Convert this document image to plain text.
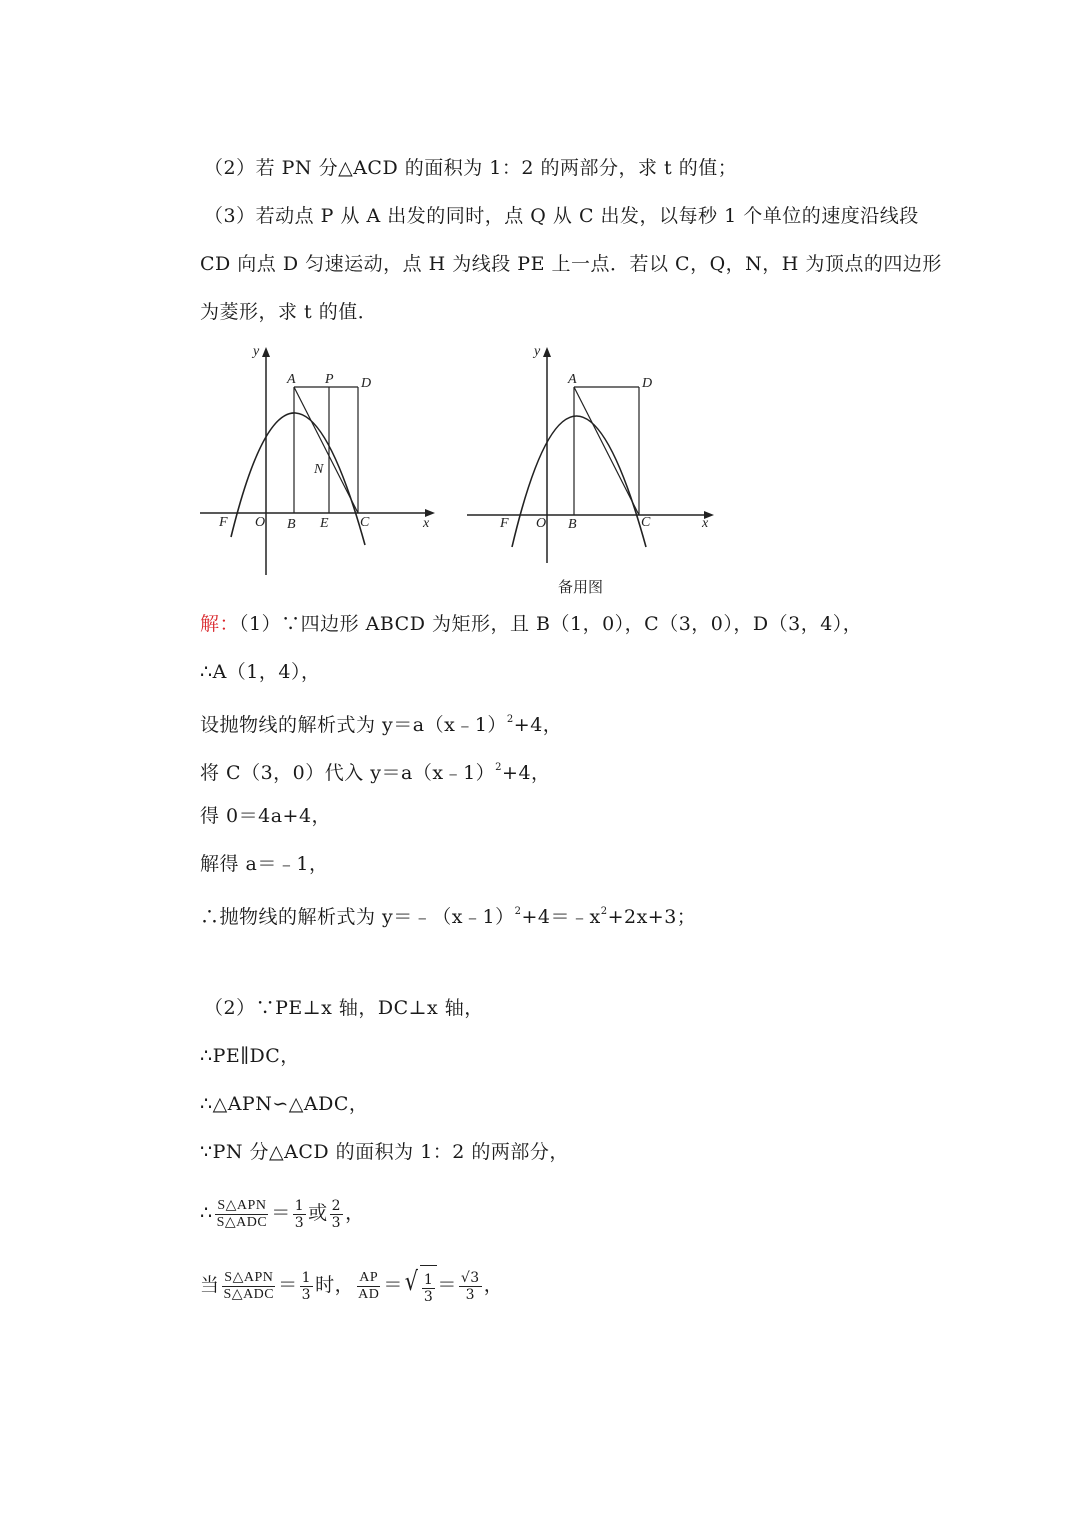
（2）若 PN 分△ACD 的面积为 1：2 的两部分，求 t 的值；
（3）若动点 P 从 A 出发的同时，点 Q 从 C 出发，以每秒 1 个单位的速度沿线段
CD 向点 D 匀速运动，点 H 为线段 PE 上一点．若以 C，Q，N，H 为顶点的四边形
为菱形，求 t 的值．
y
x
A P D
N
F O B E C
y
x
A	D
F O B	C
备用图
解：（1）∵四边形 ABCD 为矩形，且 B（1，0），C（3，0），D（3，4），
∴A（1，4），
设抛物线的解析式为 y＝a（x﹣1）$^2$+4，
将 C（3，0）代入 y＝a（x﹣1）$^2$+4，
得 0＝4a+4，
解得 a＝﹣1，
∴抛物线的解析式为 $y=﹣(x﹣1)^2+4=﹣x^2+2x+3$；
（2）∵PE⊥x 轴，DC⊥x 轴，
∴PE∥DC，
∴△APN∽△ADC，
∵PN 分△ACD 的面积为 1：2 的两部分，
∴ $\frac{\text{S△APN}}{\text{S△ADC}} = \frac{1}{3}$ 或 $\frac{2}{3}$ ，
当 $\frac{\text{S△APN}}{\text{S△ADC}} = \frac{1}{3}$ 时， $\frac{AP}{AD}$ ＝ √ $\frac{1}{3} = \frac{√3}{3}$ ，
